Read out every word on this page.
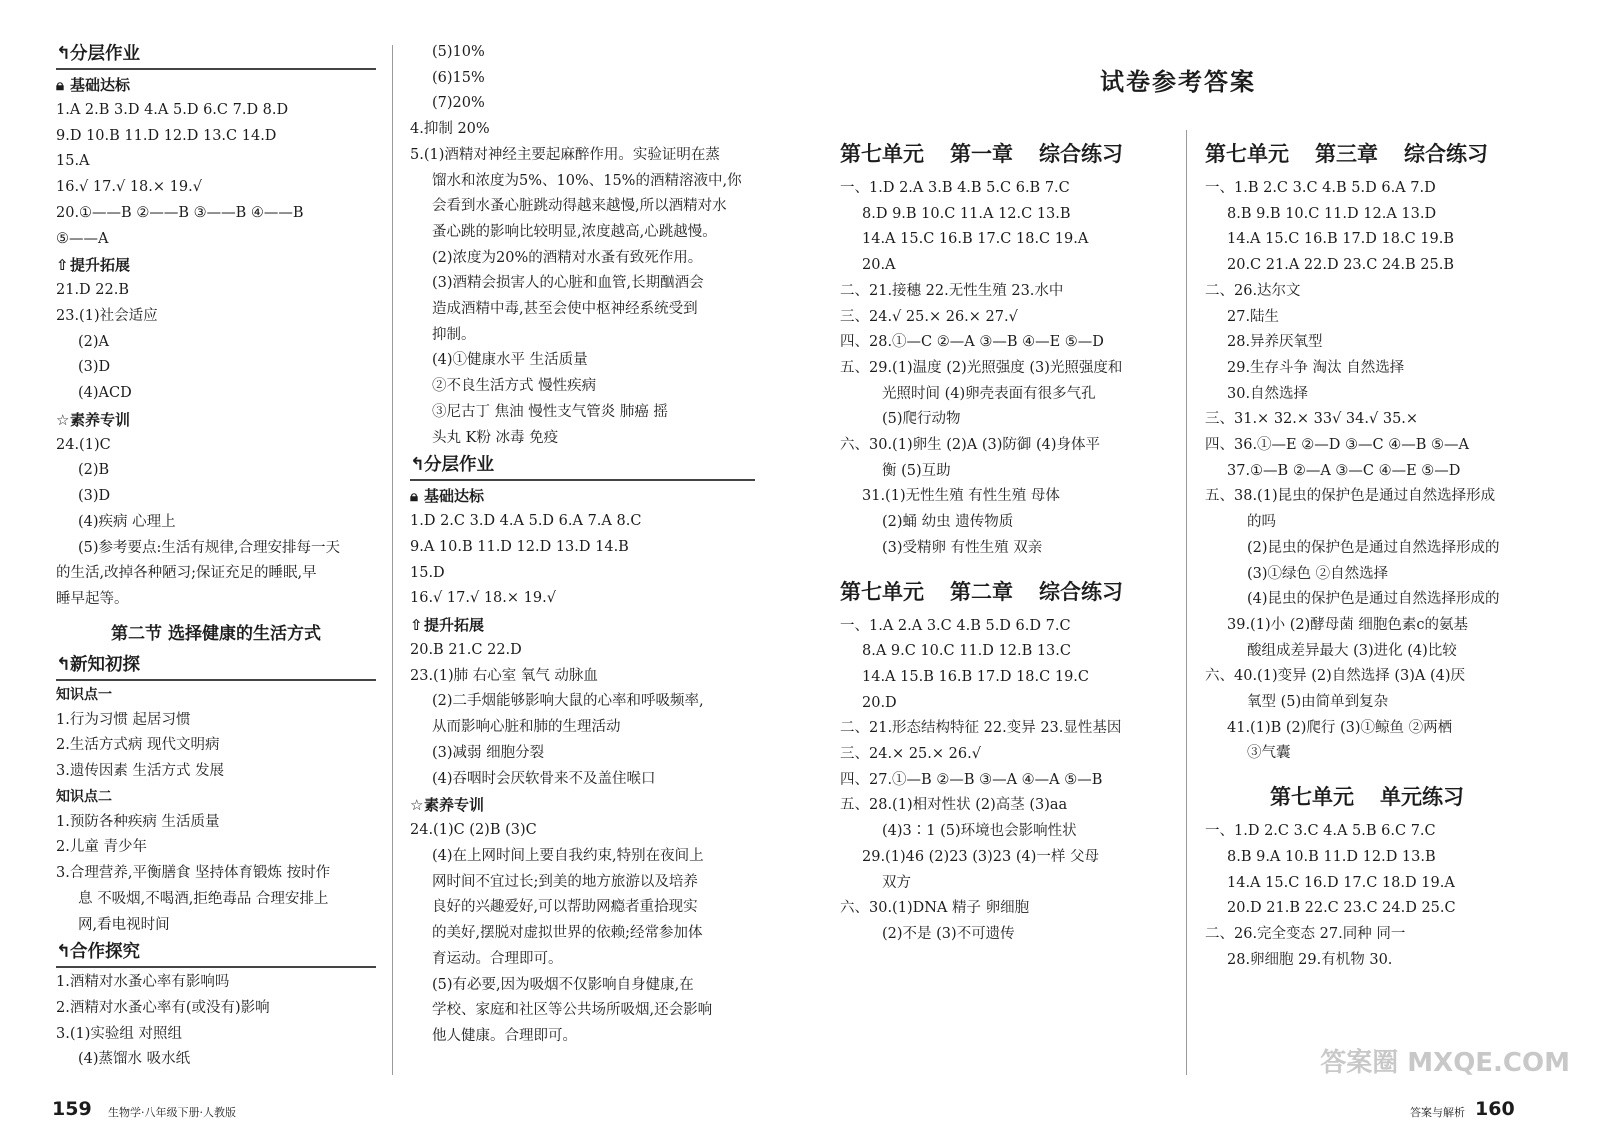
↰分层作业
🔒︎ 基础达标
1.A 2.B 3.D 4.A 5.D 6.C 7.D 8.D
9.D 10.B 11.D 12.D 13.C 14.D
15.A
16.√ 17.√ 18.× 19.√
20.①——B ②——B ③——B ④——B
⑤——A
⇧提升拓展
21.D 22.B
23.(1)社会适应
(2)A
(3)D
(4)ACD
☆素养专训
24.(1)C
(2)B
(3)D
(4)疾病 心理上
(5)参考要点:生活有规律,合理安排每一天
的生活,改掉各种陋习;保证充足的睡眠,早
睡早起等。
第二节 选择健康的生活方式
↰新知初探
知识点一
1.行为习惯 起居习惯
2.生活方式病 现代文明病
3.遗传因素 生活方式 发展
知识点二
1.预防各种疾病 生活质量
2.儿童 青少年
3.合理营养,平衡膳食 坚持体育锻炼 按时作
息 不吸烟,不喝酒,拒绝毒品 合理安排上
网,看电视时间
↰合作探究
1.酒精对水蚤心率有影响吗
2.酒精对水蚤心率有(或没有)影响
3.(1)实验组 对照组
(4)蒸馏水 吸水纸
(5)10%
(6)15%
(7)20%
4.抑制 20%
5.(1)酒精对神经主要起麻醉作用。实验证明在蒸
馏水和浓度为5%、10%、15%的酒精溶液中,你
会看到水蚤心脏跳动得越来越慢,所以酒精对水
蚤心跳的影响比较明显,浓度越高,心跳越慢。
(2)浓度为20%的酒精对水蚤有致死作用。
(3)酒精会损害人的心脏和血管,长期酗酒会
造成酒精中毒,甚至会使中枢神经系统受到
抑制。
(4)①健康水平 生活质量
②不良生活方式 慢性疾病
③尼古丁 焦油 慢性支气管炎 肺癌 摇
头丸 K粉 冰毒 免疫
↰分层作业
🔒︎ 基础达标
1.D 2.C 3.D 4.A 5.D 6.A 7.A 8.C
9.A 10.B 11.D 12.D 13.D 14.B
15.D
16.√ 17.√ 18.× 19.√
⇧提升拓展
20.B 21.C 22.D
23.(1)肺 右心室 氧气 动脉血
(2)二手烟能够影响大鼠的心率和呼吸频率,
从而影响心脏和肺的生理活动
(3)减弱 细胞分裂
(4)吞咽时会厌软骨来不及盖住喉口
☆素养专训
24.(1)C (2)B (3)C
(4)在上网时间上要自我约束,特别在夜间上
网时间不宜过长;到美的地方旅游以及培养
良好的兴趣爱好,可以帮助网瘾者重拾现实
的美好,摆脱对虚拟世界的依赖;经常参加体
育运动。合理即可。
(5)有必要,因为吸烟不仅影响自身健康,在
学校、家庭和社区等公共场所吸烟,还会影响
他人健康。合理即可。
159 生物学·八年级下册·人教版
试卷参考答案
第七单元 第一章 综合练习
一、1.D 2.A 3.B 4.B 5.C 6.B 7.C
8.D 9.B 10.C 11.A 12.C 13.B
14.A 15.C 16.B 17.C 18.C 19.A
20.A
二、21.接穗 22.无性生殖 23.水中
三、24.√ 25.× 26.× 27.√
四、28.①—C ②—A ③—B ④—E ⑤—D
五、29.(1)温度 (2)光照强度 (3)光照强度和
光照时间 (4)卵壳表面有很多气孔
(5)爬行动物
六、30.(1)卵生 (2)A (3)防御 (4)身体平
衡 (5)互助
31.(1)无性生殖 有性生殖 母体
(2)蛹 幼虫 遗传物质
(3)受精卵 有性生殖 双亲
第七单元 第二章 综合练习
一、1.A 2.A 3.C 4.B 5.D 6.D 7.C
8.A 9.C 10.C 11.D 12.B 13.C
14.A 15.B 16.B 17.D 18.C 19.C
20.D
二、21.形态结构特征 22.变异 23.显性基因
三、24.× 25.× 26.√
四、27.①—B ②—B ③—A ④—A ⑤—B
五、28.(1)相对性状 (2)高茎 (3)aa
(4)3∶1 (5)环境也会影响性状
29.(1)46 (2)23 (3)23 (4)一样 父母
双方
六、30.(1)DNA 精子 卵细胞
(2)不是 (3)不可遗传
第七单元 第三章 综合练习
一、1.B 2.C 3.C 4.B 5.D 6.A 7.D
8.B 9.B 10.C 11.D 12.A 13.D
14.A 15.C 16.B 17.D 18.C 19.B
20.C 21.A 22.D 23.C 24.B 25.B
二、26.达尔文
27.陆生
28.异养厌氧型
29.生存斗争 淘汰 自然选择
30.自然选择
三、31.× 32.× 33√ 34.√ 35.×
四、36.①—E ②—D ③—C ④—B ⑤—A
37.①—B ②—A ③—C ④—E ⑤—D
五、38.(1)昆虫的保护色是通过自然选择形成
的吗
(2)昆虫的保护色是通过自然选择形成的
(3)①绿色 ②自然选择
(4)昆虫的保护色是通过自然选择形成的
39.(1)小 (2)酵母菌 细胞色素c的氨基
酸组成差异最大 (3)进化 (4)比较
六、40.(1)变异 (2)自然选择 (3)A (4)厌
氧型 (5)由简单到复杂
41.(1)B (2)爬行 (3)①鲸鱼 ②两栖
③气囊
第七单元 单元练习
一、1.D 2.C 3.C 4.A 5.B 6.C 7.C
8.B 9.A 10.B 11.D 12.D 13.B
14.A 15.C 16.D 17.C 18.D 19.A
20.D 21.B 22.C 23.C 24.D 25.C
二、26.完全变态 27.同种 同一
28.卵细胞 29.有机物 30.
160
答案与解析
答案圈 MXQE.COM
